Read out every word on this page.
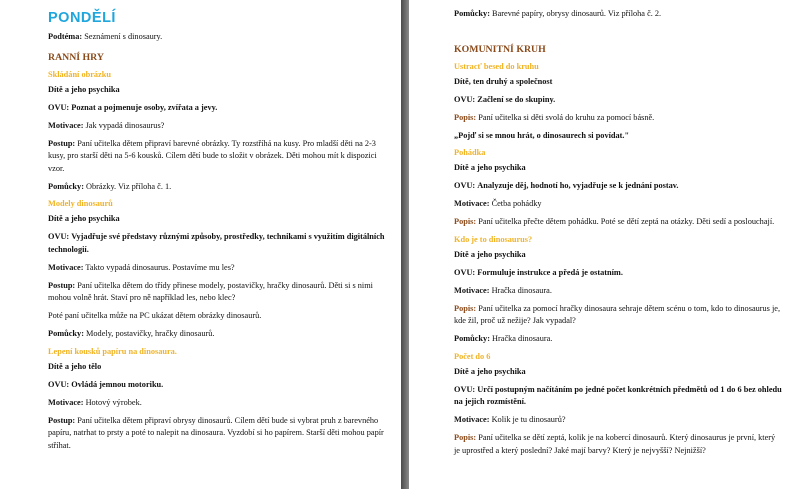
PONDĚLÍ

Podtéma: Seznámení s dinosaury.

RANNÍ HRY
Skládání obrázku

Dítě a jeho psychika

OVU: Poznat a pojmenuje osoby, zvířata a jevy.

Motivace: Jak vypadá dinosaurus?

Postup: Paní učitelka dětem připraví barevné obrázky. Ty rozstříhá na kusy. Pro mladší děti na 2-3 kusy, pro starší děti na 5-6 kousků. Cílem dětí bude to složit v obrázek. Děti mohou mít k dispozici vzor.

Pomůcky: Obrázky. Viz příloha č. 1.

Modely dinosaurů

Dítě a jeho psychika

OVU: Vyjadřuje své představy různými způsoby, prostředky, technikami s využitím digitálních technologií.

Motivace: Takto vypadá dinosaurus. Postavíme mu les?

Postup: Paní učitelka dětem do třídy přinese modely, postavičky, hračky dinosaurů. Děti si s nimi mohou volně hrát. Staví pro ně například les, nebo klec?

Poté paní učitelka může na PC ukázat dětem obrázky dinosaurů.

Pomůcky: Modely, postavičky, hračky dinosaurů.

Lepení kousků papíru na dinosaura.

Dítě a jeho tělo

OVU: Ovládá jemnou motoriku.

Motivace: Hotový výrobek.

Postup: Paní učitelka dětem připraví obrysy dinosaurů. Cílem dětí bude si vybrat pruh z barevného papíru, natrhat to prsty a poté to nalepit na dinosaura. Vyzdobí si ho papírem. Starší děti mohou papír stříhat.

Pomůcky: Barevné papíry, obrysy dinosaurů. Viz příloha č. 2.

KOMUNITNÍ KRUH
Ustracť besed do kruhu

Dítě, ten druhý a společnost

OVU: Začlení se do skupiny.

Popis: Paní učitelka si děti svolá do kruhu za pomocí básně.

„Pojď si se mnou hrát, o dinosaurech si povídat."

Pohádka

Dítě a jeho psychika

OVU: Analyzuje děj, hodnotí ho, vyjadřuje se k jednání postav.

Motivace: Četba pohádky

Popis: Paní učitelka přečte dětem pohádku. Poté se dětí zeptá na otázky. Děti sedí a poslouchají.

Kdo je to dinosaurus?

Dítě a jeho psychika

OVU: Formuluje instrukce a předá je ostatním.

Motivace: Hračka dinosaura.

Popis: Paní učitelka za pomocí hračky dinosaura sehraje dětem scénu o tom, kdo to dinosaurus je, kde žil, proč už nežije? Jak vypadal?

Pomůcky: Hračka dinosaura.

Počet do 6

Dítě a jeho psychika

OVU: Určí postupným načítáním po jedné počet konkrétních předmětů od 1 do 6 bez ohledu na jejich rozmístění.

Motivace: Kolik je tu dinosaurů?

Popis: Paní učitelka se dětí zeptá, kolik je na kobercí dinosaurů. Který dinosaurus je první, který je uprostřed a který poslední? Jaké mají barvy? Který je nejvyšší? Nejnižší?
